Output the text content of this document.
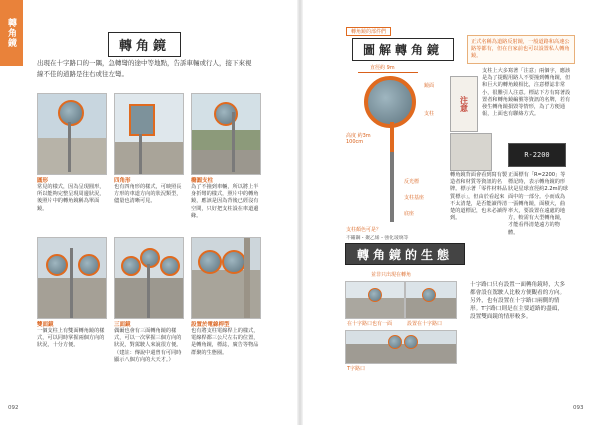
轉角鏡	轉角鏡
出現在十字路口的一隅，急轉彎的途中等地點，告訴車輛或行人，接下來視線不佳的道路是往右或往左彎。
圓形
常見的樣式，因為呈現圓形，所以能夠完整呈現周邊狀況，後照片中的轉角鏡稱為單面鏡。
四角形
也有四角形的樣式，可映照長方形的車道方向的狀況類型，儘量也清晰可見。
橢圓支柱
為了不撞到車輛，所以將上半身折彎的樣式，照片中的轉角鏡，應該是因為背後已經沒有空間，只好把支柱設在車道邊緣。
雙面鏡
一個支柱上有雙面轉角鏡的樣式，可以同時掌握兩個方向的狀況，十分方便。
三面鏡
偶爾也會有三面轉角鏡的樣式，可以一次掌握三個方向的狀況，對駕駛人來說很方便。（建註：傳說中還曾有可同時顯示八個方向的大天才。）
設置於電線桿型
也有將支柱電線桿上的樣式，電線桿都三公尺左右的位置，是轉角鏡，標誌，廣告等物品群聚的生態圈。
092
轉角鏡的部件們
圖解轉角鏡
直徑約 9m
鏡面
支柱
高度 約3m
100cm
反光標
支柱基座
底座
支柱顏色可是？
不鏽鋼・聚乙烯・強化玻璃等
正式名稱為道路反射鏡，一般道路和高速公路等都有，但在自家前也可以設置私人轉角鏡。
注意
支柱上大多寫著「注意」兩個字，應該是為了提醒用路人不要撞到轉角鏡，但和巨大的轉角鏡相比，注意標誌非常小，很難引人注意。標誌下方有寫著設置者和轉角鏡編號等資訊的名牌，若有發生轉角鏡損毀等情形，為了方便通報，上面也有聯絡方式。
R-2200
轉角鏡背面會看到寫有製造者和材質等資訊的名牌。標示著「零件材料品質標示」，但由於看起來不太清楚，是否能讀得清楚的道標記，也未必讀得到。
正面標有「R=2200」等標記時，表示轉角鏡的形狀是星球直徑約2.2m的球面中的一部分。小而成為一張轉角鏡，面積大，曲率大，要設置在遠處的地方，較需有大型轉角鏡，才能看得清楚遠方的物體。
轉角鏡的生態
並非只出現在轉角
在十字路口也有一面	設置在十字路口
T字路口
十字路口只有設置一面轉角鏡時，大多都會設在駕駛人比較方便觀看的方向。另外，也有設置在十字路口兩側的情形。T字路口則是在主要道路的盡頭，設置雙面鏡的情形較多。
093
